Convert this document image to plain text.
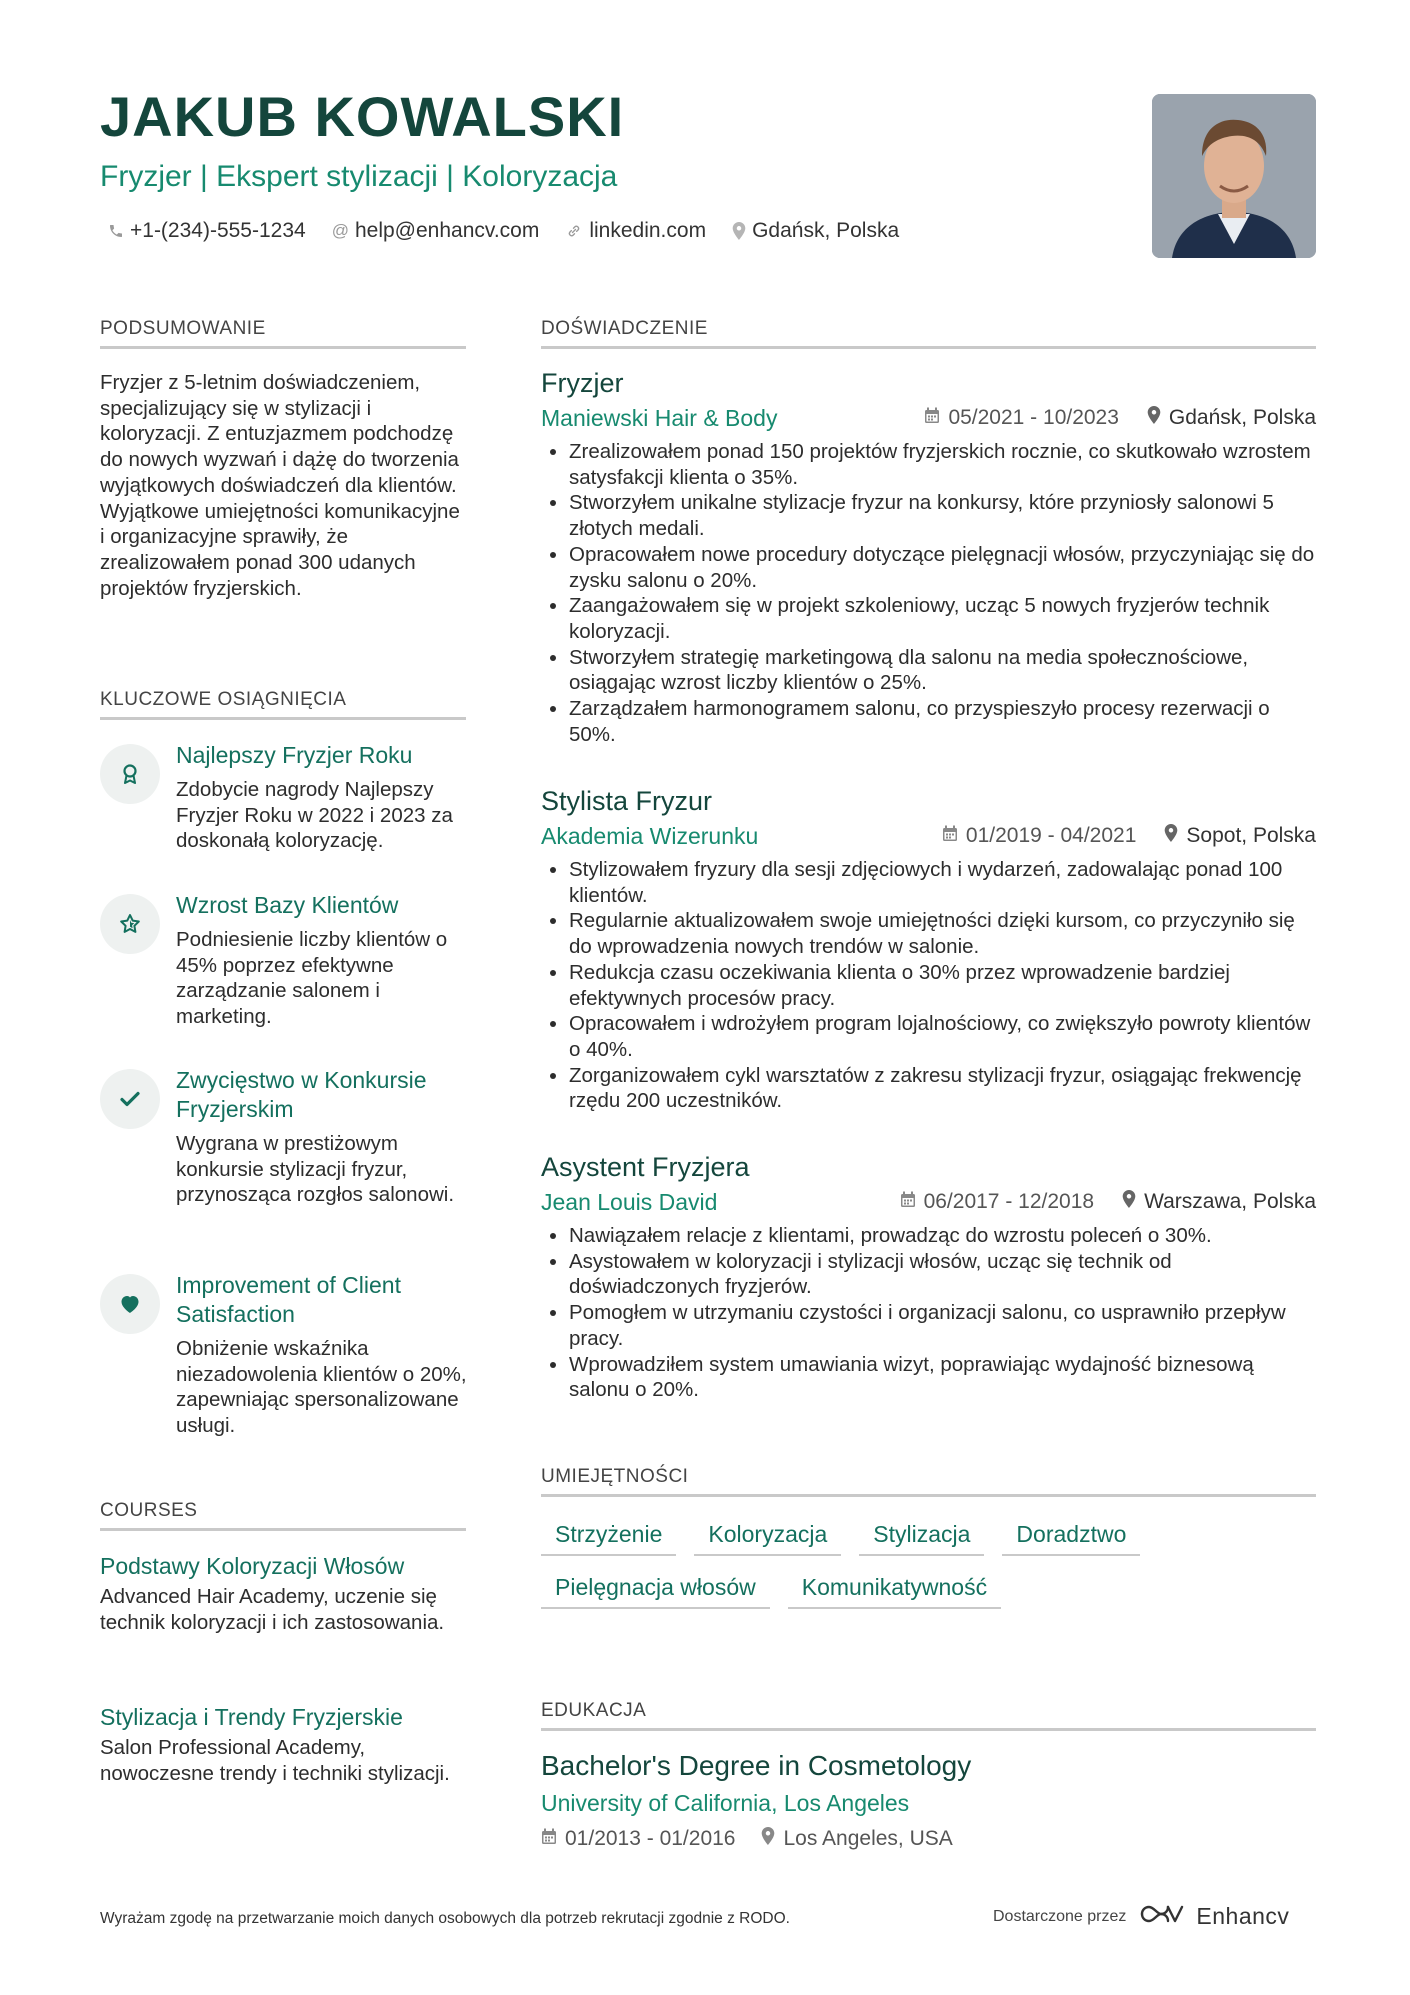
JAKUB KOWALSKI
Fryzjer | Ekspert stylizacji | Koloryzacja
+1-(234)-555-1234 @ help@enhancv.com linkedin.com Gdańsk, Polska
PODSUMOWANIE
Fryzjer z 5-letnim doświadczeniem, specjalizujący się w stylizacji i koloryzacji. Z entuzjazmem podchodzę do nowych wyzwań i dążę do tworzenia wyjątkowych doświadczeń dla klientów. Wyjątkowe umiejętności komunikacyjne i organizacyjne sprawiły, że zrealizowałem ponad 300 udanych projektów fryzjerskich.
KLUCZOWE OSIĄGNIĘCIA
Najlepszy Fryzjer Roku
Zdobycie nagrody Najlepszy Fryzjer Roku w 2022 i 2023 za doskonałą koloryzację.
Wzrost Bazy Klientów
Podniesienie liczby klientów o 45% poprzez efektywne zarządzanie salonem i marketing.
Zwycięstwo w Konkursie Fryzjerskim
Wygrana w prestiżowym konkursie stylizacji fryzur, przynosząca rozgłos salonowi.
Improvement of Client Satisfaction
Obniżenie wskaźnika niezadowolenia klientów o 20%, zapewniając spersonalizowane usługi.
COURSES
Podstawy Koloryzacji Włosów
Advanced Hair Academy, uczenie się technik koloryzacji i ich zastosowania.
Stylizacja i Trendy Fryzjerskie
Salon Professional Academy, nowoczesne trendy i techniki stylizacji.
DOŚWIADCZENIE
Fryzjer
Maniewski Hair & Body	05/2021 - 10/2023 Gdańsk, Polska
• Zrealizowałem ponad 150 projektów fryzjerskich rocznie, co skutkowało wzrostem satysfakcji klienta o 35%.
• Stworzyłem unikalne stylizacje fryzur na konkursy, które przyniosły salonowi 5 złotych medali.
• Opracowałem nowe procedury dotyczące pielęgnacji włosów, przyczyniając się do zysku salonu o 20%.
• Zaangażowałem się w projekt szkoleniowy, ucząc 5 nowych fryzjerów technik koloryzacji.
• Stworzyłem strategię marketingową dla salonu na media społecznościowe, osiągając wzrost liczby klientów o 25%.
• Zarządzałem harmonogramem salonu, co przyspieszyło procesy rezerwacji o 50%.
Stylista Fryzur
Akademia Wizerunku	01/2019 - 04/2021 Sopot, Polska
• Stylizowałem fryzury dla sesji zdjęciowych i wydarzeń, zadowalając ponad 100 klientów.
• Regularnie aktualizowałem swoje umiejętności dzięki kursom, co przyczyniło się do wprowadzenia nowych trendów w salonie.
• Redukcja czasu oczekiwania klienta o 30% przez wprowadzenie bardziej efektywnych procesów pracy.
• Opracowałem i wdrożyłem program lojalnościowy, co zwiększyło powroty klientów o 40%.
• Zorganizowałem cykl warsztatów z zakresu stylizacji fryzur, osiągając frekwencję rzędu 200 uczestników.
Asystent Fryzjera
Jean Louis David	06/2017 - 12/2018 Warszawa, Polska
• Nawiązałem relacje z klientami, prowadząc do wzrostu poleceń o 30%.
• Asystowałem w koloryzacji i stylizacji włosów, ucząc się technik od doświadczonych fryzjerów.
• Pomogłem w utrzymaniu czystości i organizacji salonu, co usprawniło przepływ pracy.
• Wprowadziłem system umawiania wizyt, poprawiając wydajność biznesową salonu o 20%.
UMIEJĘTNOŚCI
Strzyżenie	Koloryzacja	Stylizacja	Doradztwo
Pielęgnacja włosów	Komunikatywność
EDUKACJA
Bachelor's Degree in Cosmetology
University of California, Los Angeles
01/2013 - 01/2016 Los Angeles, USA
Wyrażam zgodę na przetwarzanie moich danych osobowych dla potrzeb rekrutacji zgodnie z RODO.	Dostarczone przez	Enhancv
